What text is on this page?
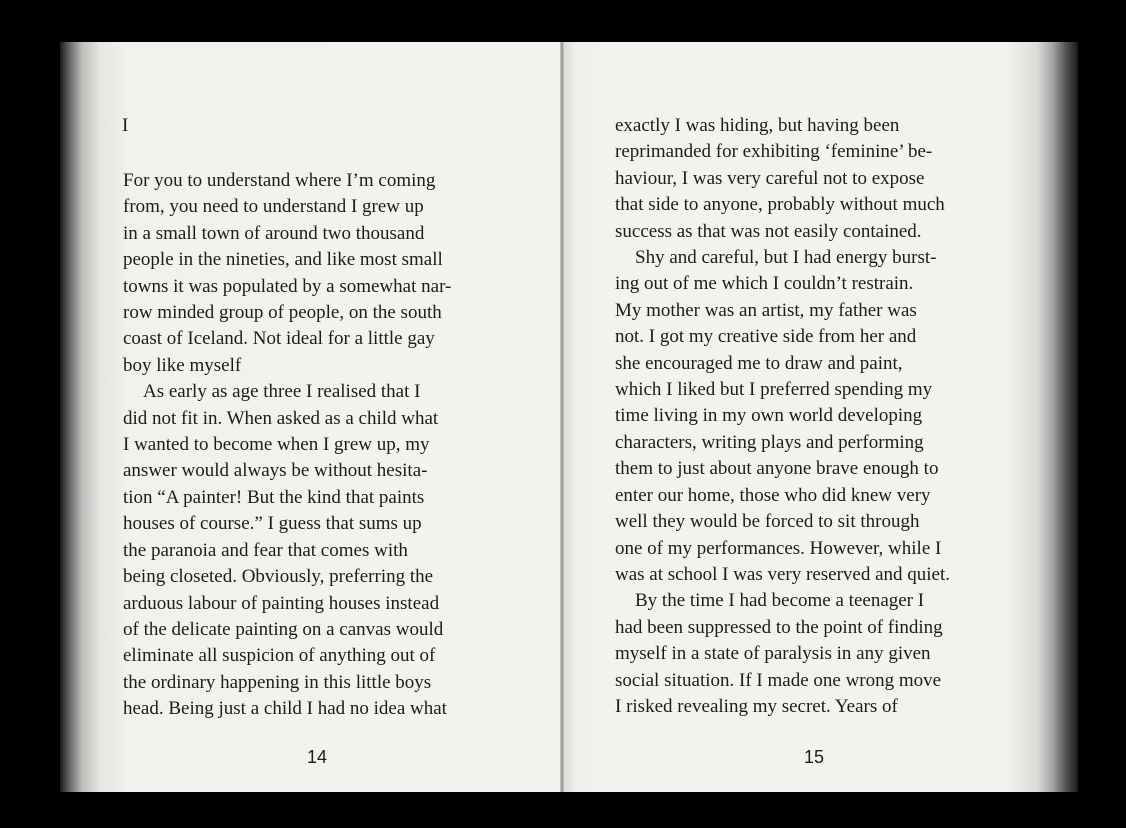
I
For you to understand where I’m coming
from, you need to understand I grew up
in a small town of around two thousand
people in the nineties, and like most small
towns it was populated by a somewhat nar-
row minded group of people, on the south
coast of Iceland. Not ideal for a little gay
boy like myself
As early as age three I realised that I
did not fit in. When asked as a child what
I wanted to become when I grew up, my
answer would always be without hesita-
tion “A painter! But the kind that paints
houses of course.” I guess that sums up
the paranoia and fear that comes with
being closeted. Obviously, preferring the
arduous labour of painting houses instead
of the delicate painting on a canvas would
eliminate all suspicion of anything out of
the ordinary happening in this little boys
head. Being just a child I had no idea what
exactly I was hiding, but having been
reprimanded for exhibiting ‘feminine’ be-
haviour, I was very careful not to expose
that side to anyone, probably without much
success as that was not easily contained.
Shy and careful, but I had energy burst-
ing out of me which I couldn’t restrain.
My mother was an artist, my father was
not. I got my creative side from her and
she encouraged me to draw and paint,
which I liked but I preferred spending my
time living in my own world developing
characters, writing plays and performing
them to just about anyone brave enough to
enter our home, those who did knew very
well they would be forced to sit through
one of my performances. However, while I
was at school I was very reserved and quiet.
By the time I had become a teenager I
had been suppressed to the point of finding
myself in a state of paralysis in any given
social situation. If I made one wrong move
I risked revealing my secret. Years of
14	15
